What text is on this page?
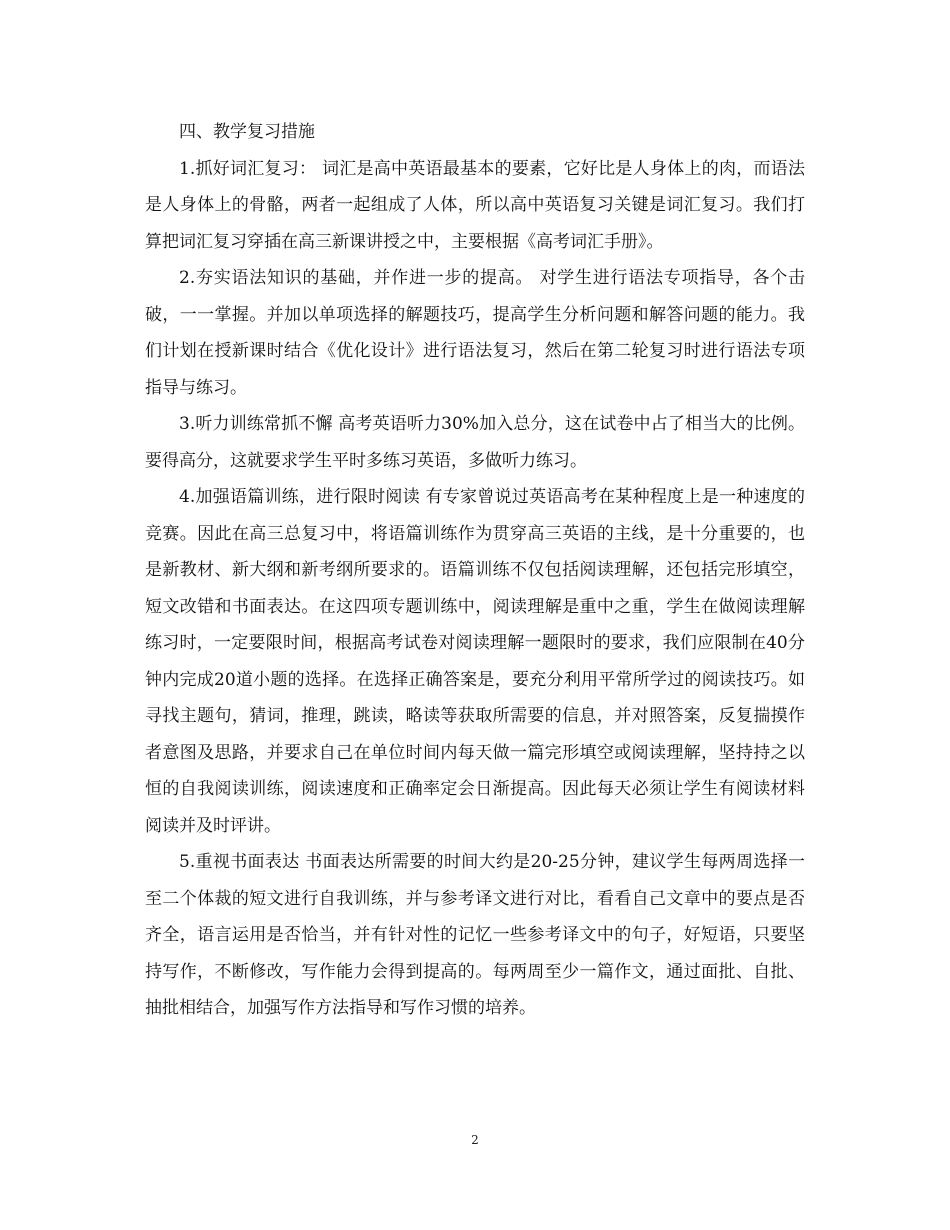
四、教学复习措施

1.抓好词汇复习： 词汇是高中英语最基本的要素，它好比是人身体上的肉，而语法是人身体上的骨骼，两者一起组成了人体，所以高中英语复习关键是词汇复习。我们打算把词汇复习穿插在高三新课讲授之中，主要根据《高考词汇手册》。

2.夯实语法知识的基础，并作进一步的提高。 对学生进行语法专项指导，各个击破，一一掌握。并加以单项选择的解题技巧，提高学生分析问题和解答问题的能力。我们计划在授新课时结合《优化设计》进行语法复习，然后在第二轮复习时进行语法专项指导与练习。

3.听力训练常抓不懈 高考英语听力30%加入总分，这在试卷中占了相当大的比例。要得高分，这就要求学生平时多练习英语，多做听力练习。

4.加强语篇训练，进行限时阅读 有专家曾说过英语高考在某种程度上是一种速度的竞赛。因此在高三总复习中，将语篇训练作为贯穿高三英语的主线，是十分重要的，也是新教材、新大纲和新考纲所要求的。语篇训练不仅包括阅读理解，还包括完形填空，短文改错和书面表达。在这四项专题训练中，阅读理解是重中之重，学生在做阅读理解练习时，一定要限时间，根据高考试卷对阅读理解一题限时的要求，我们应限制在40分钟内完成20道小题的选择。在选择正确答案是，要充分利用平常所学过的阅读技巧。如寻找主题句，猜词，推理，跳读，略读等获取所需要的信息，并对照答案，反复揣摸作者意图及思路，并要求自己在单位时间内每天做一篇完形填空或阅读理解，坚持持之以恒的自我阅读训练，阅读速度和正确率定会日渐提高。因此每天必须让学生有阅读材料阅读并及时评讲。

5.重视书面表达 书面表达所需要的时间大约是20-25分钟，建议学生每两周选择一至二个体裁的短文进行自我训练，并与参考译文进行对比，看看自己文章中的要点是否齐全，语言运用是否恰当，并有针对性的记忆一些参考译文中的句子，好短语，只要坚持写作，不断修改，写作能力会得到提高的。每两周至少一篇作文，通过面批、自批、抽批相结合，加强写作方法指导和写作习惯的培养。

2
